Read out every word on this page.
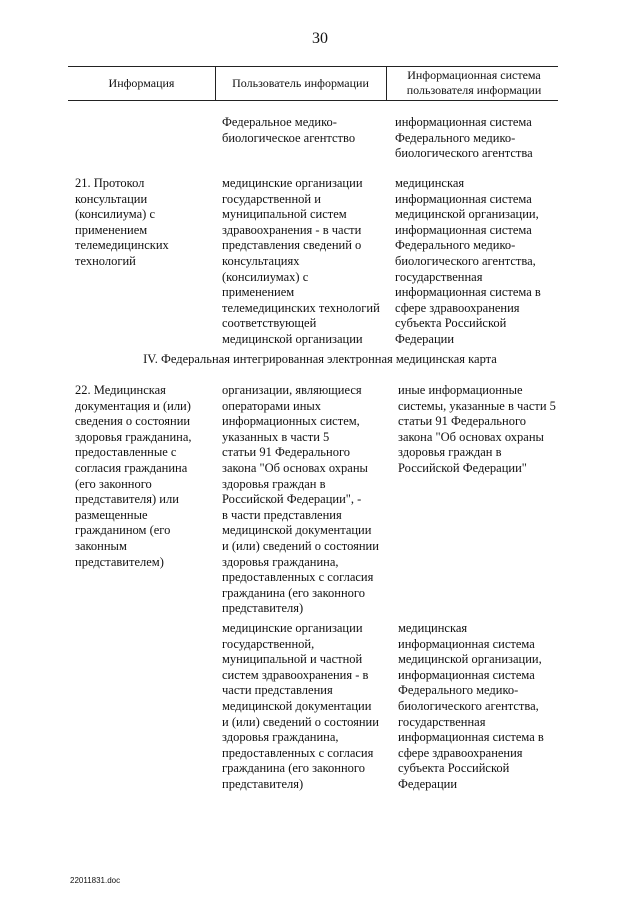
30
Информация	Пользователь информации
Информационная система пользователя информации
Федеральное медико-
биологическое агентство
информационная система
Федерального медико-
биологического агентства
21. Протокол
консультации
(консилиума) с
применением
телемедицинских
технологий
медицинские организации
государственной и
муниципальной систем
здравоохранения - в части
представления сведений о
консультациях
(консилиумах) с
применением
телемедицинских технологий
соответствующей
медицинской организации
медицинская
информационная система
медицинской организации,
информационная система
Федерального медико-
биологического агентства,
государственная
информационная система в
сфере здравоохранения
субъекта Российской
Федерации
IV. Федеральная интегрированная электронная медицинская карта
22. Медицинская
документация и (или)
сведения о состоянии
здоровья гражданина,
предоставленные с
согласия гражданина
(его законного
представителя) или
размещенные
гражданином (его
законным
представителем)
организации, являющиеся
операторами иных
информационных систем,
указанных в части 5
статьи 91 Федерального
закона "Об основах охраны
здоровья граждан в
Российской Федерации", -
в части представления
медицинской документации
и (или) сведений о состоянии
здоровья гражданина,
предоставленных с согласия
гражданина (его законного
представителя)
иные информационные
системы, указанные в части 5
статьи 91 Федерального
закона "Об основах охраны
здоровья граждан в
Российской Федерации"
медицинские организации
государственной,
муниципальной и частной
систем здравоохранения - в
части представления
медицинской документации
и (или) сведений о состоянии
здоровья гражданина,
предоставленных с согласия
гражданина (его законного
представителя)
медицинская
информационная система
медицинской организации,
информационная система
Федерального медико-
биологического агентства,
государственная
информационная система в
сфере здравоохранения
субъекта Российской
Федерации
22011831.doc
